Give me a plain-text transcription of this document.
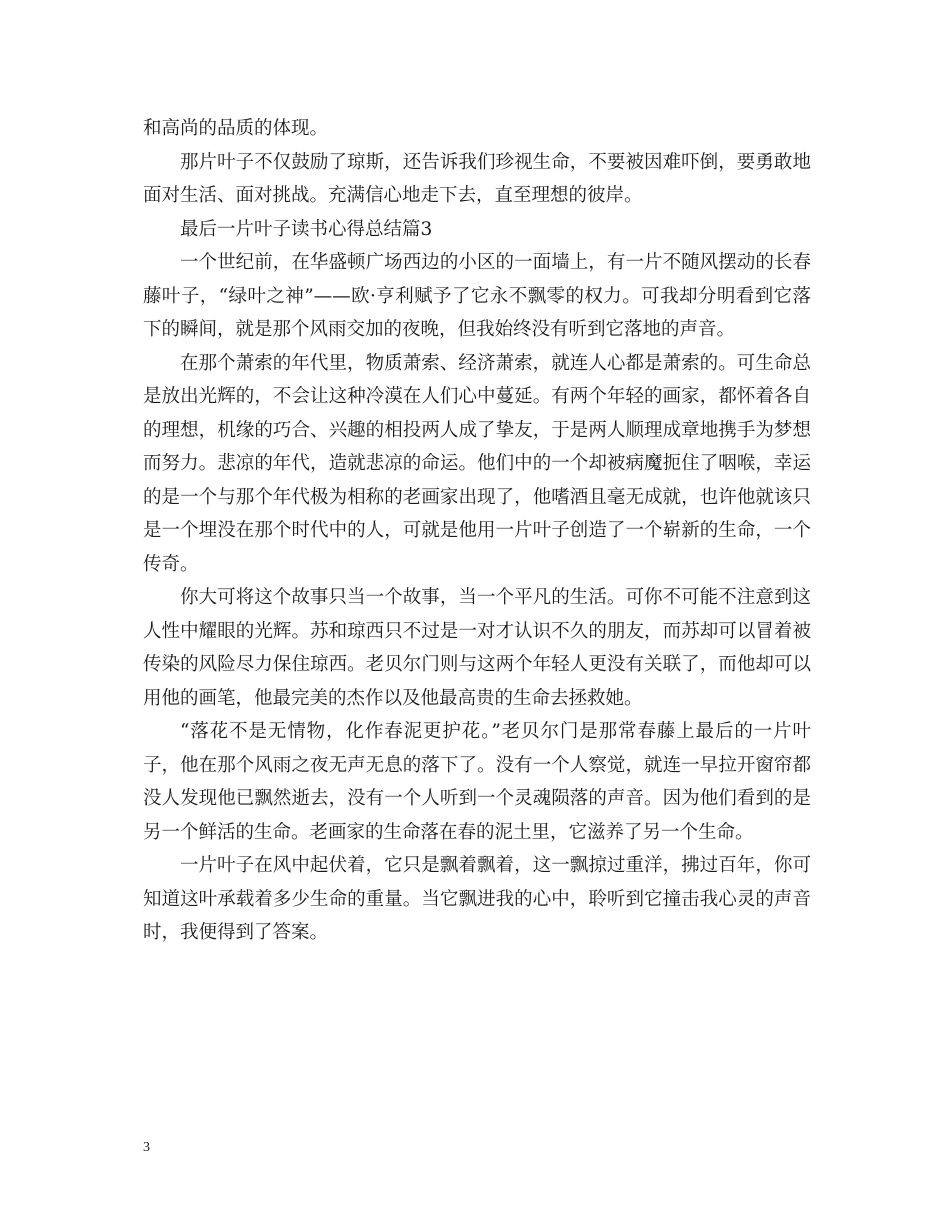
和高尚的品质的体现。

那片叶子不仅鼓励了琼斯，还告诉我们珍视生命，不要被因难吓倒，要勇敢地面对生活、面对挑战。充满信心地走下去，直至理想的彼岸。

最后一片叶子读书心得总结篇3

一个世纪前，在华盛顿广场西边的小区的一面墙上，有一片不随风摆动的长春藤叶子，“绿叶之神”——欧·亨利赋予了它永不飘零的权力。可我却分明看到它落下的瞬间，就是那个风雨交加的夜晚，但我始终没有听到它落地的声音。

在那个萧索的年代里，物质萧索、经济萧索，就连人心都是萧索的。可生命总是放出光辉的，不会让这种冷漠在人们心中蔓延。有两个年轻的画家，都怀着各自的理想，机缘的巧合、兴趣的相投两人成了挚友，于是两人顺理成章地携手为梦想而努力。悲凉的年代，造就悲凉的命运。他们中的一个却被病魔扼住了咽喉，幸运的是一个与那个年代极为相称的老画家出现了，他嗜酒且毫无成就，也许他就该只是一个埋没在那个时代中的人，可就是他用一片叶子创造了一个崭新的生命，一个传奇。

你大可将这个故事只当一个故事，当一个平凡的生活。可你不可能不注意到这人性中耀眼的光辉。苏和琼西只不过是一对才认识不久的朋友，而苏却可以冒着被传染的风险尽力保住琼西。老贝尔门则与这两个年轻人更没有关联了，而他却可以用他的画笔，他最完美的杰作以及他最高贵的生命去拯救她。

“落花不是无情物，化作春泥更护花。”老贝尔门是那常春藤上最后的一片叶子，他在那个风雨之夜无声无息的落下了。没有一个人察觉，就连一早拉开窗帘都没人发现他已飘然逝去，没有一个人听到一个灵魂陨落的声音。因为他们看到的是另一个鲜活的生命。老画家的生命落在春的泥土里，它滋养了另一个生命。

一片叶子在风中起伏着，它只是飘着飘着，这一飘掠过重洋，拂过百年，你可知道这叶承载着多少生命的重量。当它飘进我的心中，聆听到它撞击我心灵的声音时，我便得到了答案。

3
